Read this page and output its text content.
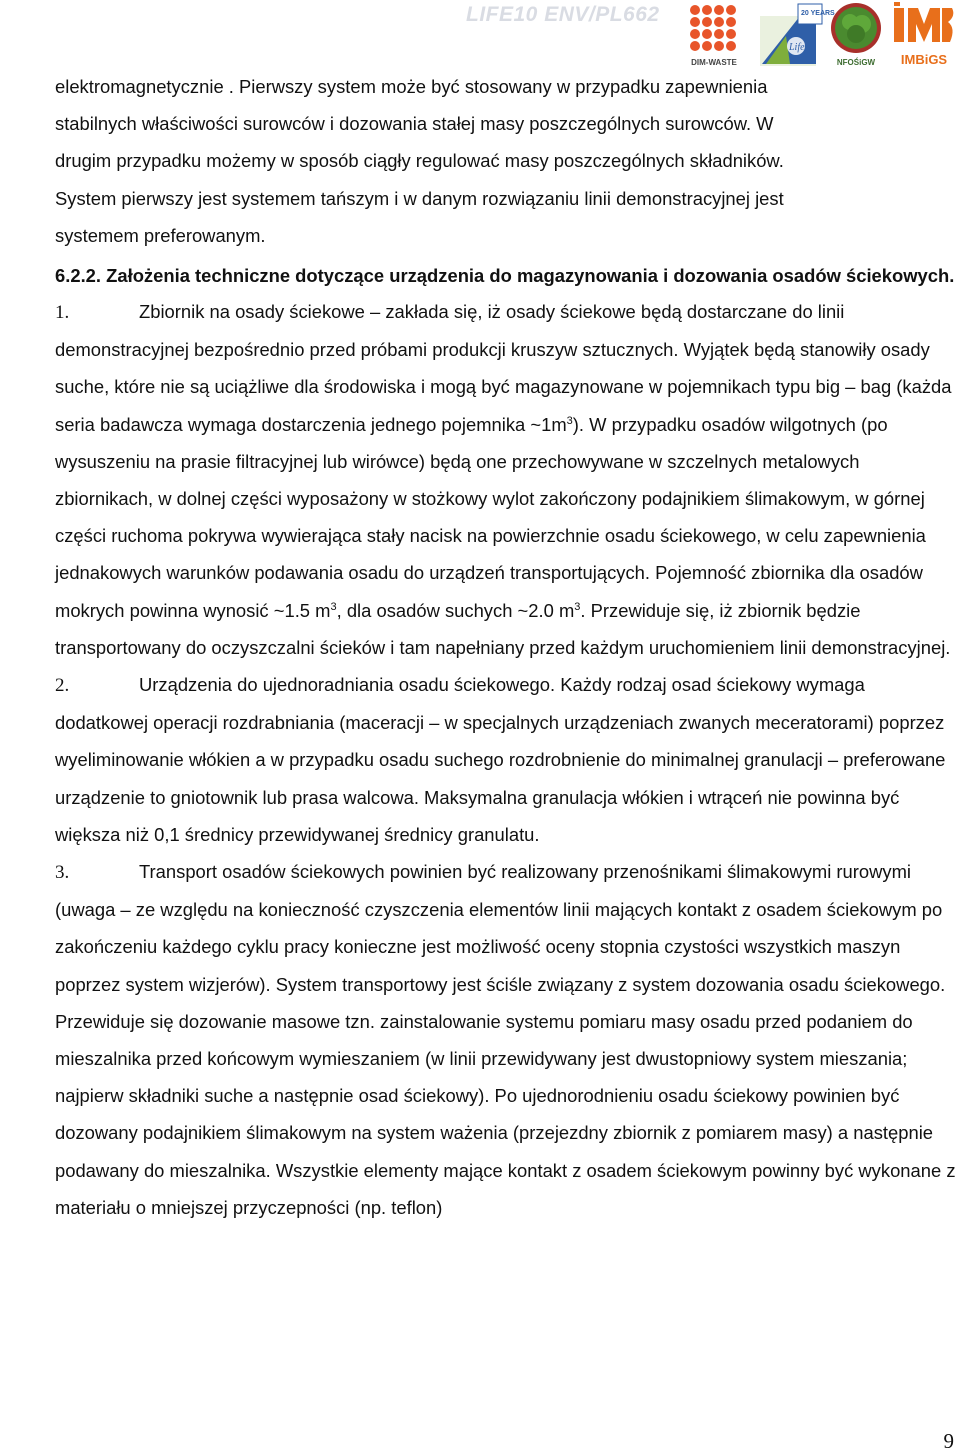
LIFE10 ENV/PL662
DIM-WASTE
Life
20 YEARS
NFOŚiGW	IMBiGS

elektromagnetycznie . Pierwszy system może być stosowany w przypadku zapewnienia

stabilnych właściwości surowców i dozowania stałej masy poszczególnych surowców. W

drugim przypadku możemy w sposób ciągły regulować masy poszczególnych składników.

System pierwszy jest systemem tańszym i w danym rozwiązaniu linii demonstracyjnej jest

systemem preferowanym.

6.2.2. Założenia techniczne dotyczące urządzenia do magazynowania i dozowania osadów ściekowych.

1.	Zbiornik na osady ściekowe – zakłada się, iż osady ściekowe będą dostarczane do linii demonstracyjnej bezpośrednio przed próbami produkcji kruszyw sztucznych. Wyjątek będą stanowiły osady suche, które nie są uciążliwe dla środowiska i mogą być magazynowane w pojemnikach typu big – bag (każda seria badawcza wymaga dostarczenia jednego pojemnika $\sim 1m^3$). W przypadku osadów wilgotnych (po wysuszeniu na prasie filtracyjnej lub wirówce) będą one przechowywane w szczelnych metalowych zbiornikach, w dolnej części wyposażony w stożkowy wylot zakończony podajnikiem ślimakowym, w górnej części ruchoma pokrywa wywierająca stały nacisk na powierzchnie osadu ściekowego, w celu zapewnienia jednakowych warunków podawania osadu do urządzeń transportujących. Pojemność zbiornika dla osadów mokrych powinna wynosić ~1.5 $m^3$, dla osadów suchych ~2.0 $m^3$. Przewiduje się, iż zbiornik będzie transportowany do oczyszczalni ścieków i tam napełniany przed każdym uruchomieniem linii demonstracyjnej.

2.	Urządzenia do ujednoradniania osadu ściekowego. Każdy rodzaj osad ściekowy wymaga dodatkowej operacji rozdrabniania (maceracji – w specjalnych urządzeniach zwanych meceratorami) poprzez wyeliminowanie włókien a w przypadku osadu suchego rozdrobnienie do minimalnej granulacji – preferowane urządzenie to gniotownik lub prasa walcowa. Maksymalna granulacja włókien i wtrąceń nie powinna być większa niż 0,1 średnicy przewidywanej średnicy granulatu.

3.	Transport osadów ściekowych powinien być realizowany przenośnikami ślimakowymi rurowymi (uwaga – ze względu na konieczność czyszczenia elementów linii mających kontakt z osadem ściekowym po zakończeniu każdego cyklu pracy konieczne jest możliwość oceny stopnia czystości wszystkich maszyn poprzez system wizjerów). System transportowy jest ściśle związany z system dozowania osadu ściekowego. Przewiduje się dozowanie masowe tzn. zainstalowanie systemu pomiaru masy osadu przed podaniem do mieszalnika przed końcowym wymieszaniem (w linii przewidywany jest dwustopniowy system mieszania; najpierw składniki suche a następnie osad ściekowy). Po ujednorodnieniu osadu ściekowy powinien być dozowany podajnikiem ślimakowym na system ważenia (przejezdny zbiornik z pomiarem masy) a następnie podawany do mieszalnika. Wszystkie elementy mające kontakt z osadem ściekowym powinny być wykonane z materiału o mniejszej przyczepności (np. teflon)

9
